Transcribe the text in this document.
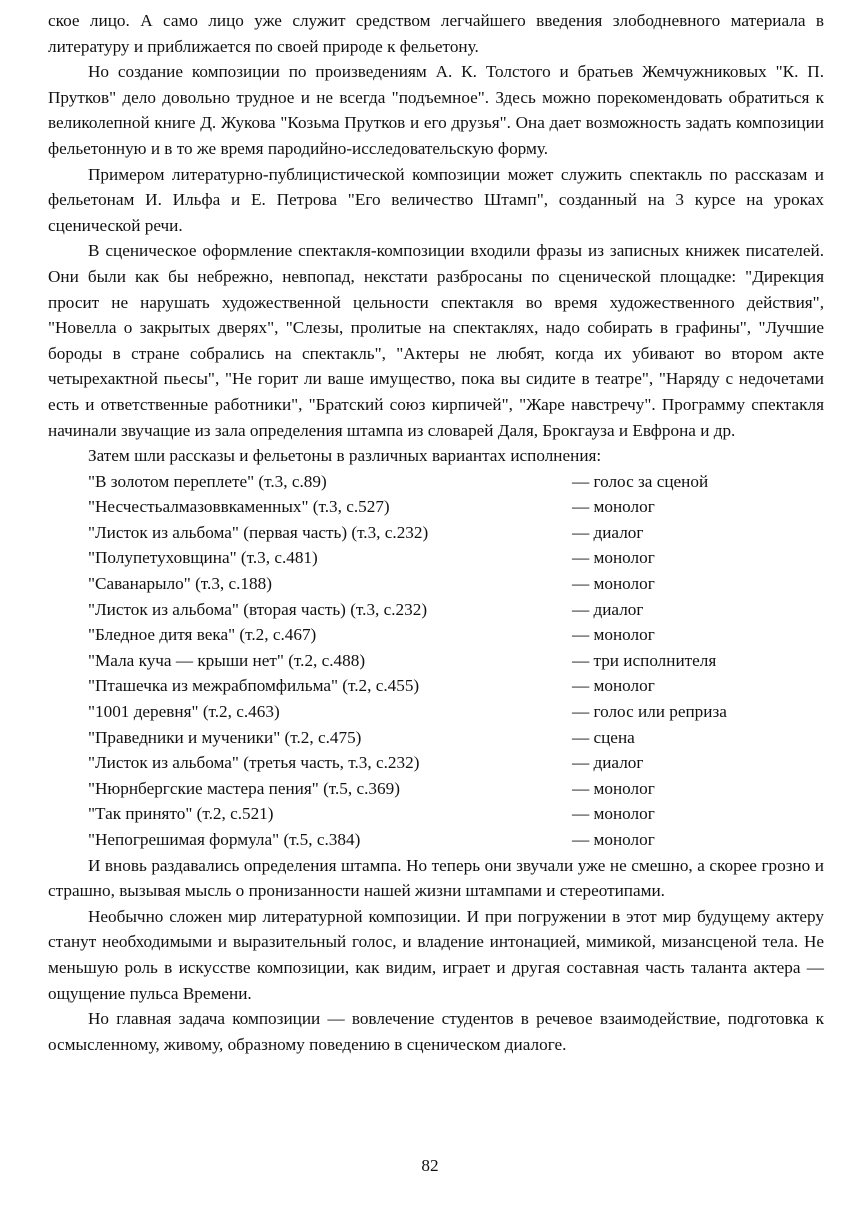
ское лицо. А само лицо уже служит средством легчайшего введения злободневного материала в литературу и приближается по своей природе к фельетону.

Но создание композиции по произведениям А. К. Толстого и братьев Жемчужниковых "К. П. Прутков" дело довольно трудное и не всегда "подъемное". Здесь можно порекомендовать обратиться к великолепной книге Д. Жукова "Козьма Прутков и его друзья". Она дает возможность задать композиции фельетонную и в то же время пародийно-исследовательскую форму.

Примером литературно-публицистической композиции может служить спектакль по рассказам и фельетонам И. Ильфа и Е. Петрова "Его величество Штамп", созданный на 3 курсе на уроках сценической речи.

В сценическое оформление спектакля-композиции входили фразы из записных книжек писателей. Они были как бы небрежно, невпопад, некстати разбросаны по сценической площадке: "Дирекция просит не нарушать художественной цельности спектакля во время художественного действия", "Новелла о закрытых дверях", "Слезы, пролитые на спектаклях, надо собирать в графины", "Лучшие бороды в стране собрались на спектакль", "Актеры не любят, когда их убивают во втором акте четырехактной пьесы", "Не горит ли ваше имущество, пока вы сидите в театре", "Наряду с недочетами есть и ответственные работники", "Братский союз кирпичей", "Жаре навстречу". Программу спектакля начинали звучащие из зала определения штампа из словарей Даля, Брокгауза и Евфрона и др.

Затем шли рассказы и фельетоны в различных вариантах исполнения:

"В золотом переплете" (т.3, с.89)	— голос за сценой
"Несчестьалмазоввкаменных" (т.3, с.527)	— монолог
"Листок из альбома" (первая часть) (т.3, с.232)	— диалог
"Полупетуховщина" (т.3, с.481)	— монолог
"Саванарыло" (т.3, с.188)	— монолог
"Листок из альбома" (вторая часть) (т.3, с.232)	— диалог
"Бледное дитя века" (т.2, с.467)	— монолог
"Мала куча — крыши нет" (т.2, с.488)	— три исполнителя
"Пташечка из межрабпомфильма" (т.2, с.455)	— монолог
"1001 деревня" (т.2, с.463)	— голос или реприза
"Праведники и мученики" (т.2, с.475)	— сцена
"Листок из альбома" (третья часть, т.3, с.232)	— диалог
"Нюрнбергские мастера пения" (т.5, с.369)	— монолог
"Так принято" (т.2, с.521)	— монолог
"Непогрешимая формула" (т.5, с.384)	— монолог

И вновь раздавались определения штампа. Но теперь они звучали уже не смешно, а скорее грозно и страшно, вызывая мысль о пронизанности нашей жизни штампами и стереотипами.

Необычно сложен мир литературной композиции. И при погружении в этот мир будущему актеру станут необходимыми и выразительный голос, и владение интонацией, мимикой, мизансценой тела. Не меньшую роль в искусстве композиции, как видим, играет и другая составная часть таланта актера — ощущение пульса Времени.

Но главная задача композиции — вовлечение студентов в речевое взаимодействие, подготовка к осмысленному, живому, образному поведению в сценическом диалоге.

82
